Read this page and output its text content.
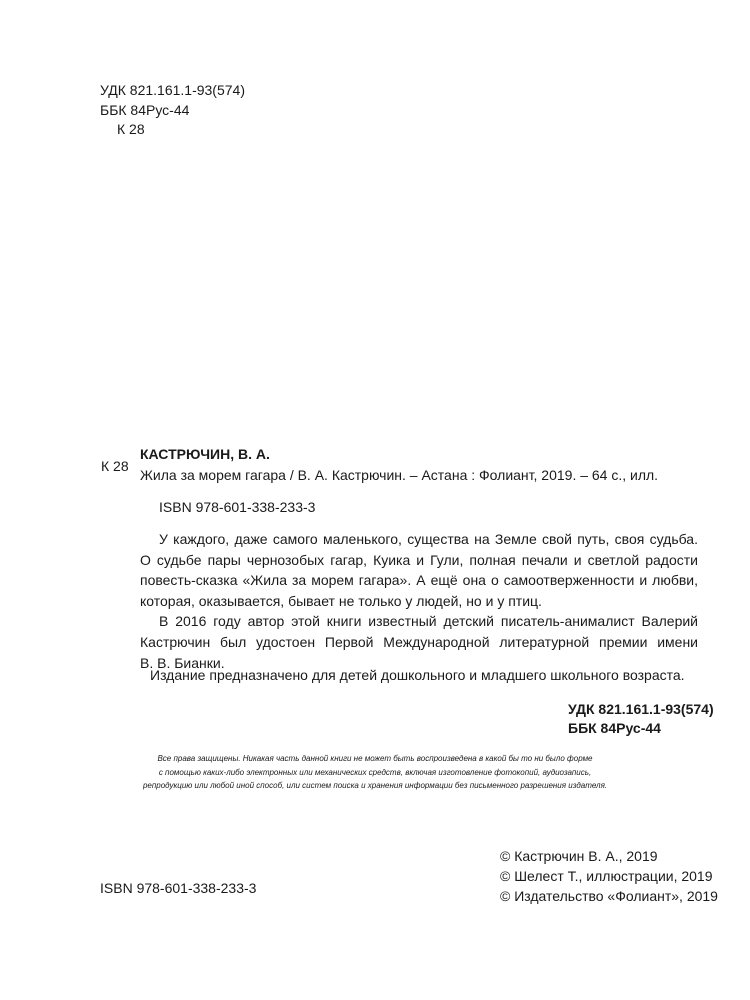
УДК 821.161.1-93(574)
ББК 84Рус-44
К 28
К 28
КАСТРЮЧИН, В. А.
Жила за морем гагара / В. А. Кастрючин. – Астана : Фолиант, 2019. – 64 с., илл.
ISBN 978-601-338-233-3
У каждого, даже самого маленького, существа на Земле свой путь, своя судьба.
О судьбе пары чернозобых гагар, Куика и Гули, полная печали и светлой радости
повесть-сказка «Жила за морем гагара». А ещё она о самоотверженности и любви,
которая, оказывается, бывает не только у людей, но и у птиц.
В 2016 году автор этой книги известный детский писатель-анималист Валерий
Кастрючин был удостоен Первой Международной литературной премии имени
В. В. Бианки.
Издание предназначено для детей дошкольного и младшего школьного возраста.
УДК 821.161.1-93(574)
ББК 84Рус-44
Все права защищены. Никакая часть данной книги не может быть воспроизведена в какой бы то ни было форме
с помощью каких-либо электронных или механических средств, включая изготовление фотокопий, аудиозапись,
репродукцию или любой иной способ, или систем поиска и хранения информации без письменного разрешения издателя.
ISBN 978-601-338-233-3
© Кастрючин В. А., 2019
© Шелест Т., иллюстрации, 2019
© Издательство «Фолиант», 2019
